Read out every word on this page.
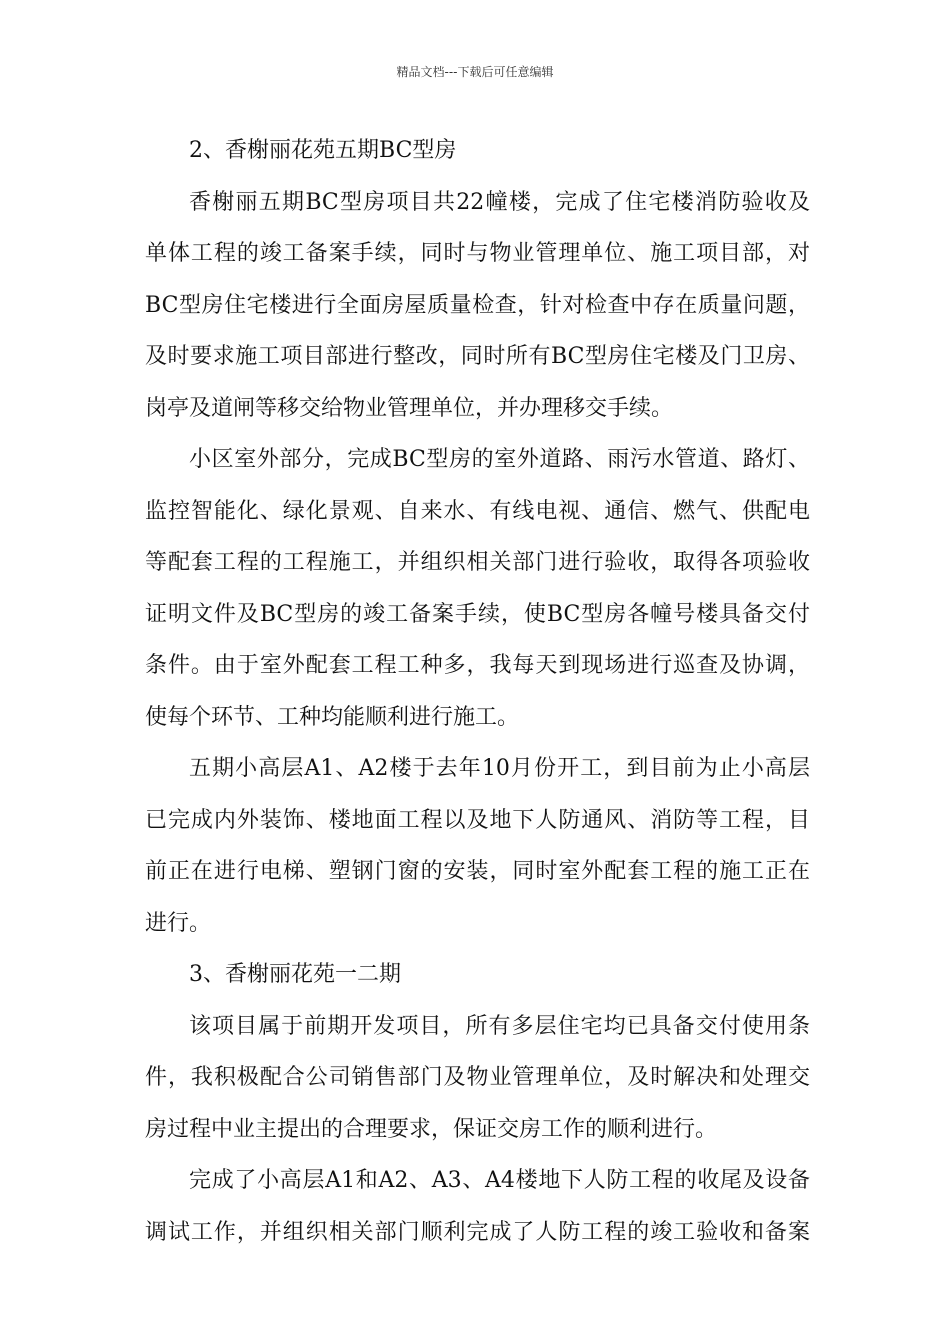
精品文档---下载后可任意编辑
2、香榭丽花苑五期BC型房
香榭丽五期BC型房项目共22幢楼，完成了住宅楼消防验收及
单体工程的竣工备案手续，同时与物业管理单位、施工项目部，对
BC型房住宅楼进行全面房屋质量检查，针对检查中存在质量问题，
及时要求施工项目部进行整改，同时所有BC型房住宅楼及门卫房、
岗亭及道闸等移交给物业管理单位，并办理移交手续。
小区室外部分，完成BC型房的室外道路、雨污水管道、路灯、
监控智能化、绿化景观、自来水、有线电视、通信、燃气、供配电
等配套工程的工程施工，并组织相关部门进行验收，取得各项验收
证明文件及BC型房的竣工备案手续，使BC型房各幢号楼具备交付
条件。由于室外配套工程工种多，我每天到现场进行巡查及协调，
使每个环节、工种均能顺利进行施工。
五期小高层A1、A2楼于去年10月份开工，到目前为止小高层
已完成内外装饰、楼地面工程以及地下人防通风、消防等工程，目
前正在进行电梯、塑钢门窗的安装，同时室外配套工程的施工正在
进行。
3、香榭丽花苑一二期
该项目属于前期开发项目，所有多层住宅均已具备交付使用条
件，我积极配合公司销售部门及物业管理单位，及时解决和处理交
房过程中业主提出的合理要求，保证交房工作的顺利进行。
完成了小高层A1和A2、A3、A4楼地下人防工程的收尾及设备
调试工作，并组织相关部门顺利完成了人防工程的竣工验收和备案
